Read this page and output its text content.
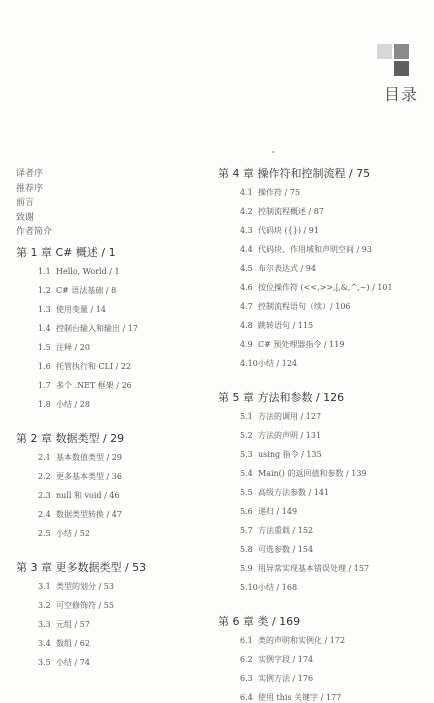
目录
译者序
推荐序
前言
致谢
作者简介
第 1 章 C# 概述 / 1
1.1 Hello, World / 1
1.2 C# 语法基础 / 8
1.3 使用变量 / 14
1.4 控制台输入和输出 / 17
1.5 注释 / 20
1.6 托管执行和 CLI / 22
1.7 多个 .NET 框架 / 26
1.8 小结 / 28
第 2 章 数据类型 / 29
2.1 基本数值类型 / 29
2.2 更多基本类型 / 36
2.3 null 和 void / 46
2.4 数据类型转换 / 47
2.5 小结 / 52
第 3 章 更多数据类型 / 53
3.1 类型的划分 / 53
3.2 可空修饰符 / 55
3.3 元组 / 57
3.4 数组 / 62
3.5 小结 / 74
第 4 章 操作符和控制流程 / 75
4.1 操作符 / 75
4.2 控制流程概述 / 87
4.3 代码块 ({}) / 91
4.4 代码块、作用域和声明空间 / 93
4.5 布尔表达式 / 94
4.6 按位操作符 (<<,>>,|,&,^,~) / 101
4.7 控制流程语句（续）/ 106
4.8 跳转语句 / 115
4.9 C# 预处理器指令 / 119
4.10小结 / 124
第 5 章 方法和参数 / 126
5.1 方法的调用 / 127
5.2 方法的声明 / 131
5.3 using 指令 / 135
5.4 Main() 的返回值和参数 / 139
5.5 高级方法参数 / 141
5.6 递归 / 149
5.7 方法重载 / 152
5.8 可选参数 / 154
5.9 用异常实现基本错误处理 / 157
5.10小结 / 168
第 6 章 类 / 169
6.1 类的声明和实例化 / 172
6.2 实例字段 / 174
6.3 实例方法 / 176
6.4 使用 this 关键字 / 177
